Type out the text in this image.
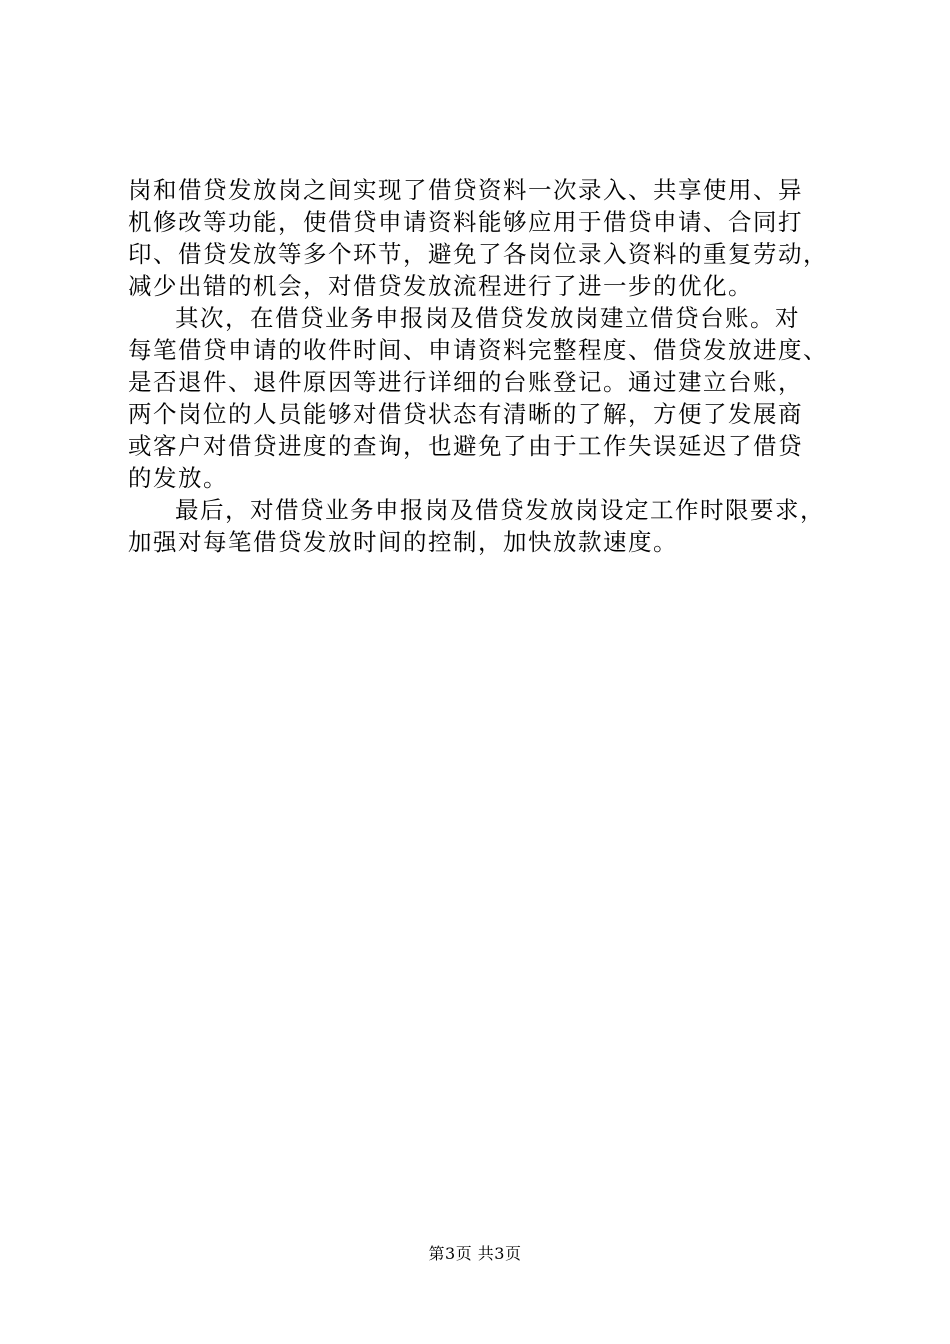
岗和借贷发放岗之间实现了借贷资料一次录入、共享使用、异
机修改等功能，使借贷申请资料能够应用于借贷申请、合同打
印、借贷发放等多个环节，避免了各岗位录入资料的重复劳动，
减少出错的机会，对借贷发放流程进行了进一步的优化。
其次，在借贷业务申报岗及借贷发放岗建立借贷台账。对
每笔借贷申请的收件时间、申请资料完整程度、借贷发放进度、
是否退件、退件原因等进行详细的台账登记。通过建立台账，
两个岗位的人员能够对借贷状态有清晰的了解，方便了发展商
或客户对借贷进度的查询，也避免了由于工作失误延迟了借贷
的发放。
最后，对借贷业务申报岗及借贷发放岗设定工作时限要求，
加强对每笔借贷发放时间的控制，加快放款速度。
第3页 共3页
